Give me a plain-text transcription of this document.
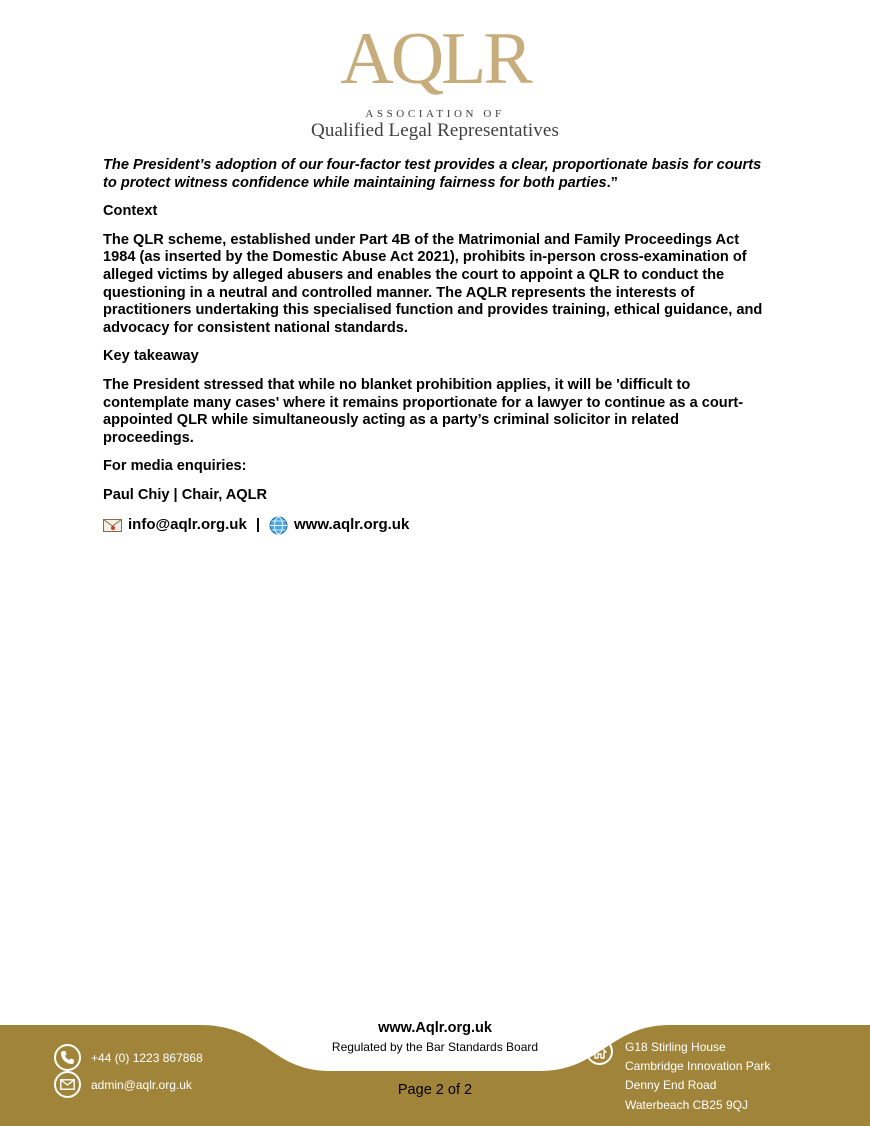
AQLR
ASSOCIATION OF
Qualified Legal Representatives

The President’s adoption of our four-factor test provides a clear, proportionate basis for courts to protect witness confidence while maintaining fairness for both parties.”

Context

The QLR scheme, established under Part 4B of the Matrimonial and Family Proceedings Act 1984 (as inserted by the Domestic Abuse Act 2021), prohibits in-person cross-examination of alleged victims by alleged abusers and enables the court to appoint a QLR to conduct the questioning in a neutral and controlled manner. The AQLR represents the interests of practitioners undertaking this specialised function and provides training, ethical guidance, and advocacy for consistent national standards.

Key takeaway

The President stressed that while no blanket prohibition applies, it will be 'difficult to contemplate many cases' where it remains proportionate for a lawyer to continue as a court-appointed QLR while simultaneously acting as a party’s criminal solicitor in related proceedings.

For media enquiries:

Paul Chiy | Chair, AQLR

info@aqlr.org.uk | www.aqlr.org.uk
www.Aqlr.org.uk
Regulated by the Bar Standards Board
Page 2 of 2
+44 (0) 1223 867868
admin@aqlr.org.uk
G18 Stirling House
Cambridge Innovation Park
Denny End Road
Waterbeach CB25 9QJ
